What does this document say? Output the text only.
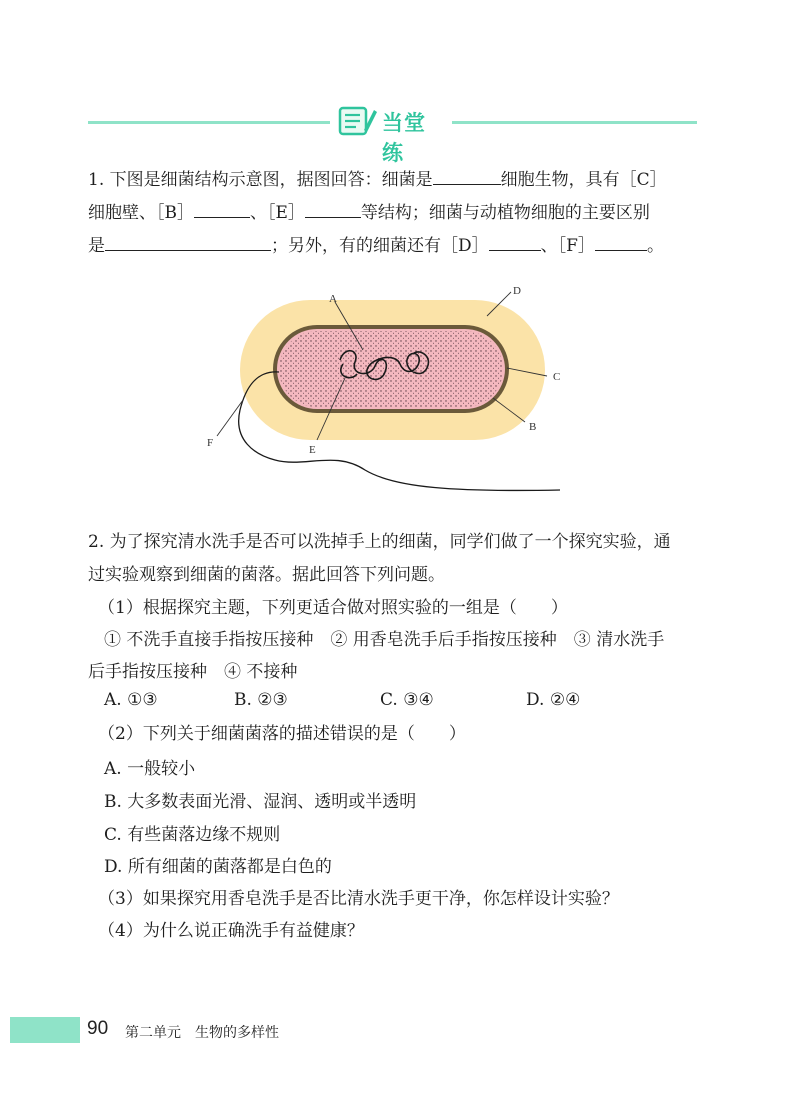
当堂练
1. 下图是细菌结构示意图，据图回答：细菌是	细胞生物，具有［C］
细胞壁、［B］	、［E］	等结构；细菌与动植物细胞的主要区别
是	；另外，有的细菌还有［D］	、［F］	。
A
D
C
B
E
F
2. 为了探究清水洗手是否可以洗掉手上的细菌，同学们做了一个探究实验，通
过实验观察到细菌的菌落。据此回答下列问题。
（1）根据探究主题，下列更适合做对照实验的一组是（　　）
① 不洗手直接手指按压接种　② 用香皂洗手后手指按压接种　③ 清水洗手
后手指按压接种　④ 不接种
A. ①③	B. ②③	C. ③④	D. ②④
（2）下列关于细菌菌落的描述错误的是（　　）
A. 一般较小
B. 大多数表面光滑、湿润、透明或半透明
C. 有些菌落边缘不规则
D. 所有细菌的菌落都是白色的
（3）如果探究用香皂洗手是否比清水洗手更干净，你怎样设计实验？
（4）为什么说正确洗手有益健康？
90 第二单元　生物的多样性
